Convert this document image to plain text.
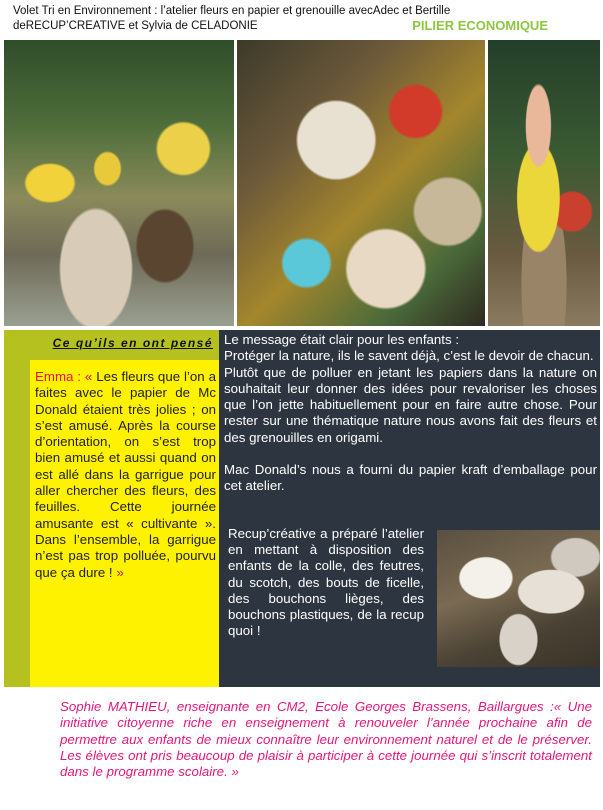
Volet Tri en Environnement : l’atelier fleurs en papier et grenouille avecAdec et Bertille
deRECUP’CREATIVE et Sylvia de CELADONIE	PILIER ECONOMIQUE
Ce qu’ils en ont pensé
Emma : « Les fleurs que l’on a faites avec le papier de Mc Donald étaient très jolies ; on s’est amusé. Après la course d’orientation, on s’est trop bien amusé et aussi quand on est allé dans la garrigue pour aller chercher des fleurs, des feuilles. Cette journée amusante est « cultivante ». Dans l’ensemble, la garrigue n’est pas trop polluée, pourvu que ça dure ! »

Le message était clair pour les enfants :

Protéger la nature, ils le savent déjà, c’est le devoir de chacun.

Plutôt que de polluer en jetant les papiers dans la nature on souhaitait leur donner des idées pour revaloriser les choses que l’on jette habituellement pour en faire autre chose. Pour rester sur une thématique nature nous avons fait des fleurs et des grenouilles en origami.

Mac Donald’s nous a fourni du papier kraft d’emballage pour cet atelier.

Recup’créative a préparé l’atelier en mettant à disposition des enfants de la colle, des feutres, du scotch, des bouts de ficelle, des bouchons lièges, des bouchons plastiques, de la recup quoi !
Sophie MATHIEU, enseignante en CM2, Ecole Georges Brassens, Baillargues :« Une initiative citoyenne riche en enseignement à renouveler l’année prochaine afin de permettre aux enfants de mieux connaître leur environnement naturel et de le préserver. Les élèves ont pris beaucoup de plaisir à participer à cette journée qui s’inscrit totalement dans le programme scolaire. »
